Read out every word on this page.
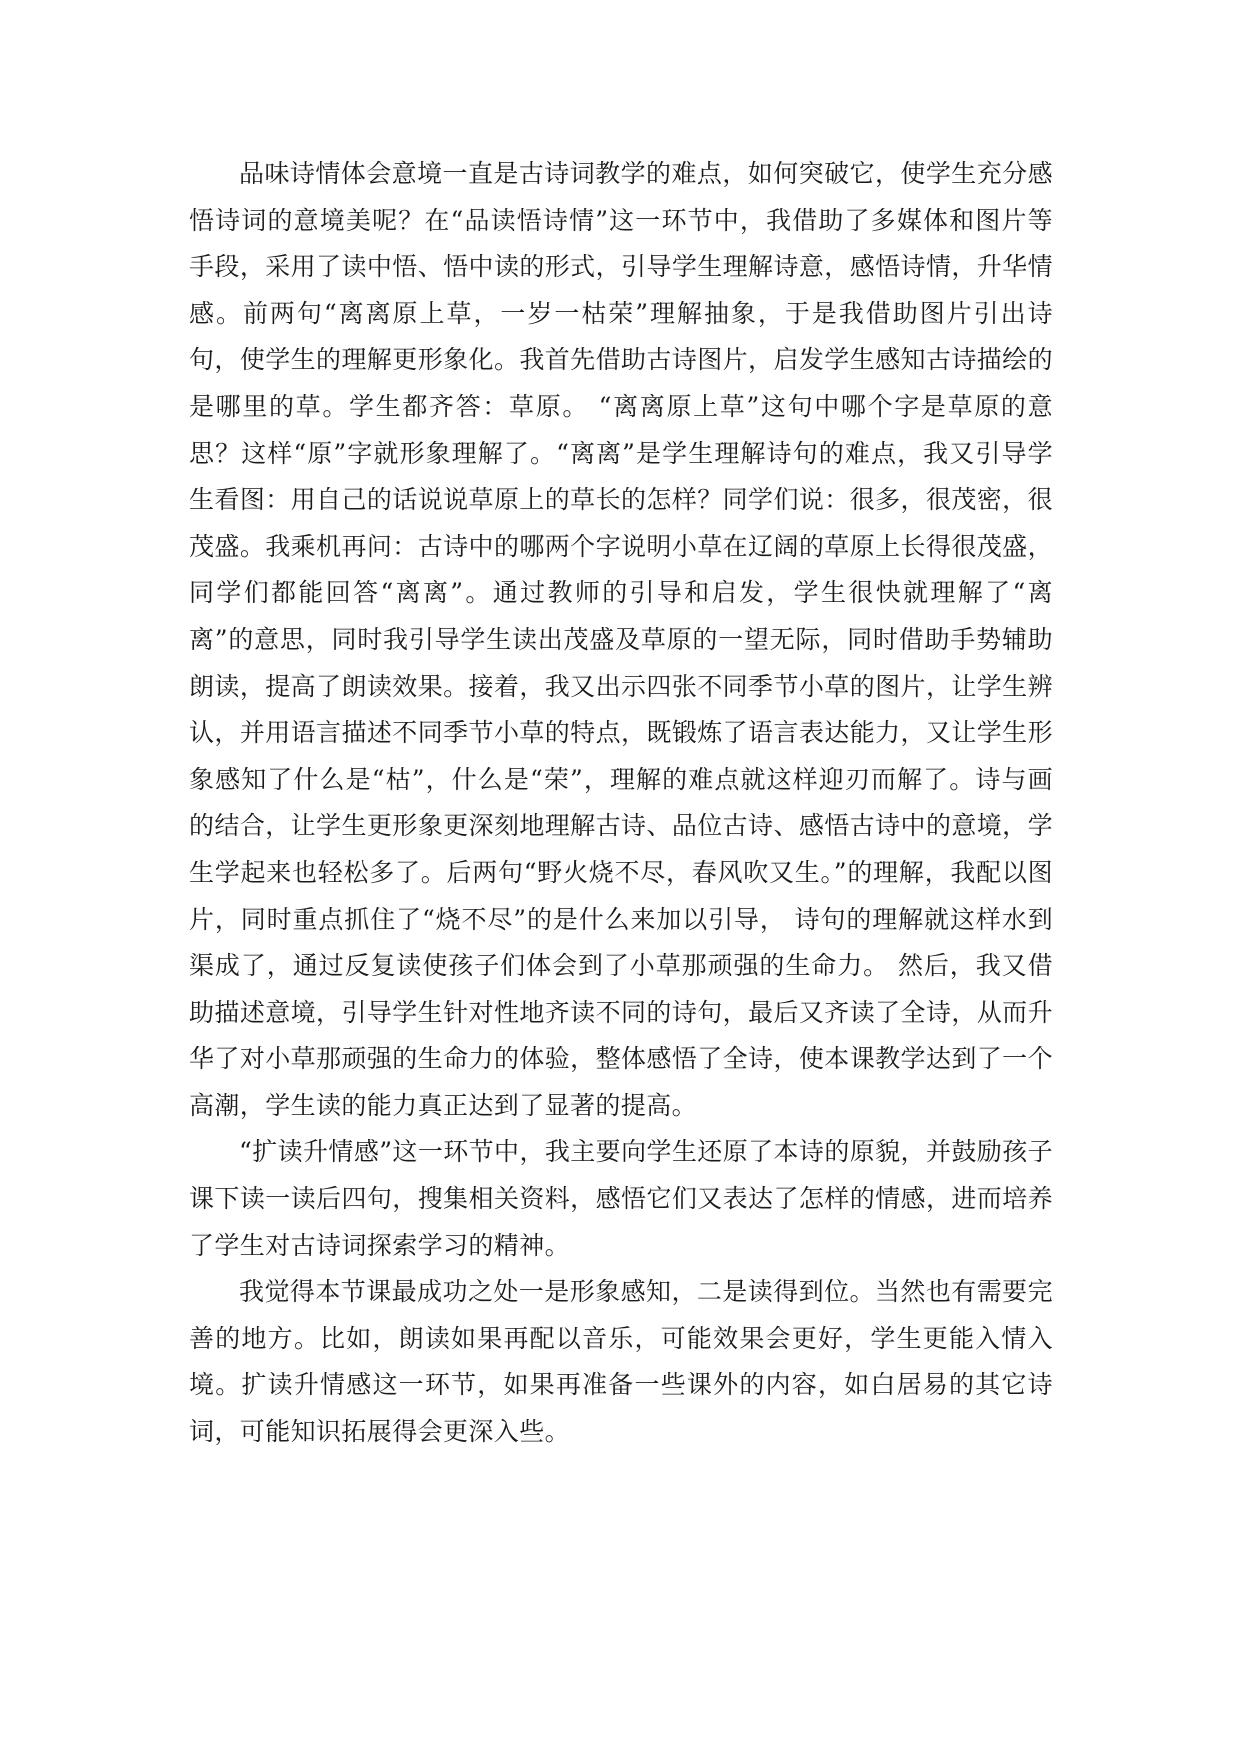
品味诗情体会意境一直是古诗词教学的难点，如何突破它，使学生充分感悟诗词的意境美呢？在“品读悟诗情”这一环节中，我借助了多媒体和图片等手段，采用了读中悟、悟中读的形式，引导学生理解诗意，感悟诗情，升华情感。前两句“离离原上草，一岁一枯荣”理解抽象，于是我借助图片引出诗句，使学生的理解更形象化。我首先借助古诗图片，启发学生感知古诗描绘的是哪里的草。学生都齐答：草原。 “离离原上草”这句中哪个字是草原的意思？这样“原”字就形象理解了。“离离”是学生理解诗句的难点，我又引导学生看图：用自己的话说说草原上的草长的怎样？同学们说：很多，很茂密，很茂盛。我乘机再问：古诗中的哪两个字说明小草在辽阔的草原上长得很茂盛，同学们都能回答“离离”。通过教师的引导和启发，学生很快就理解了“离离”的意思，同时我引导学生读出茂盛及草原的一望无际，同时借助手势辅助朗读，提高了朗读效果。接着，我又出示四张不同季节小草的图片，让学生辨认，并用语言描述不同季节小草的特点，既锻炼了语言表达能力，又让学生形象感知了什么是“枯”，什么是“荣”，理解的难点就这样迎刃而解了。诗与画的结合，让学生更形象更深刻地理解古诗、品位古诗、感悟古诗中的意境，学生学起来也轻松多了。后两句“野火烧不尽，春风吹又生。”的理解，我配以图片，同时重点抓住了“烧不尽”的是什么来加以引导， 诗句的理解就这样水到渠成了，通过反复读使孩子们体会到了小草那顽强的生命力。 然后，我又借助描述意境，引导学生针对性地齐读不同的诗句，最后又齐读了全诗，从而升华了对小草那顽强的生命力的体验，整体感悟了全诗，使本课教学达到了一个高潮，学生读的能力真正达到了显著的提高。

“扩读升情感”这一环节中，我主要向学生还原了本诗的原貌，并鼓励孩子课下读一读后四句，搜集相关资料，感悟它们又表达了怎样的情感，进而培养了学生对古诗词探索学习的精神。

我觉得本节课最成功之处一是形象感知，二是读得到位。当然也有需要完善的地方。比如，朗读如果再配以音乐，可能效果会更好，学生更能入情入境。扩读升情感这一环节，如果再准备一些课外的内容，如白居易的其它诗词，可能知识拓展得会更深入些。
